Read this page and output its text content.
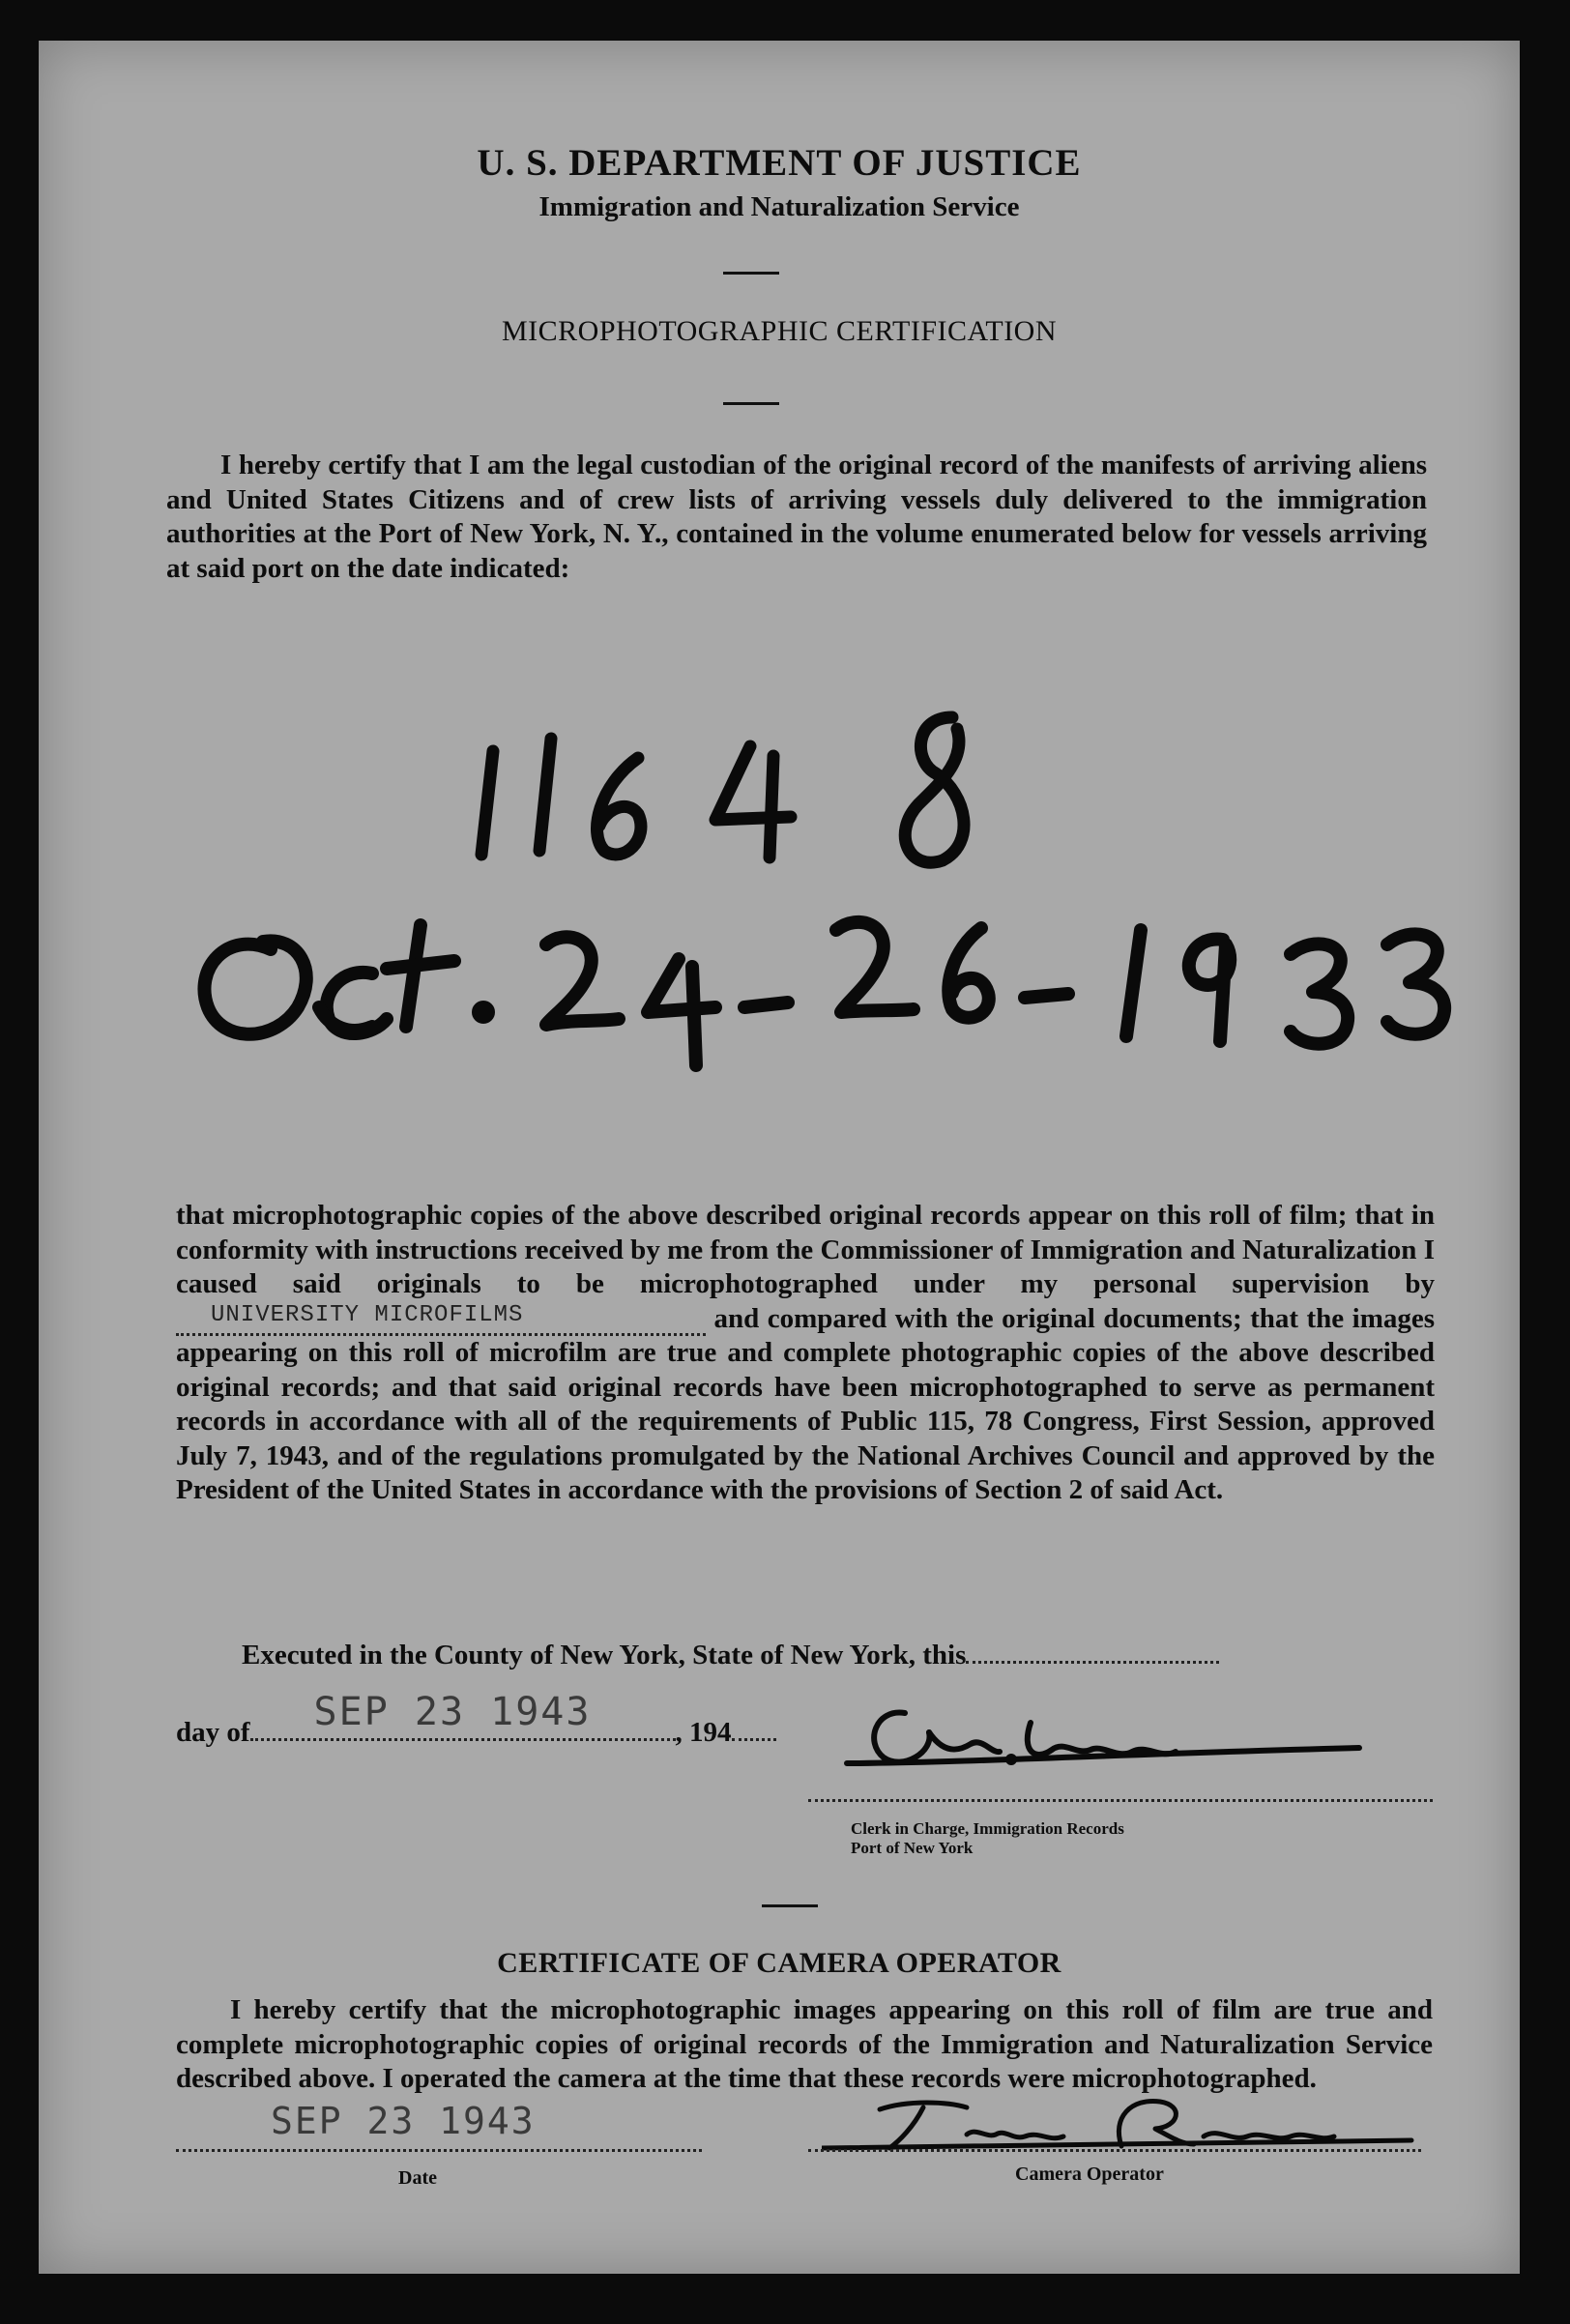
U. S. DEPARTMENT OF JUSTICE
Immigration and Naturalization Service
MICROPHOTOGRAPHIC CERTIFICATION

I hereby certify that I am the legal custodian of the original record of the manifests of arriving aliens and United States Citizens and of crew lists of arriving vessels duly delivered to the immigration authorities at the Port of New York, N. Y., contained in the volume enumerated below for vessels arriving at said port on the date indicated:

that microphotographic copies of the above described original records appear on this roll of film; that in conformity with instructions received by me from the Commissioner of Immigration and Naturalization I caused said originals to be microphotographed under my personal supervision by
UNIVERSITY MICROFILMS	and compared with the original documents; that the images appearing on this roll of microfilm are true and complete photographic copies of the above described original records; and that said original records have been microphotographed to serve as permanent records in accordance with all of the requirements of Public 115, 78 Congress, First Session, approved July 7, 1943, and of the regulations promulgated by the National Archives Council and approved by the President of the United States in accordance with the provisions of Section 2 of said Act.

Executed in the County of New York, State of New York, this
day of SEP 23 1943	, 194
Clerk in Charge, Immigration Records
Port of New York
CERTIFICATE OF CAMERA OPERATOR

I hereby certify that the microphotographic images appearing on this roll of film are true and complete microphotographic copies of original records of the Immigration and Naturalization Service described above. I operated the camera at the time that these records were microphotographed.

SEP 23 1943
Date	Camera Operator
